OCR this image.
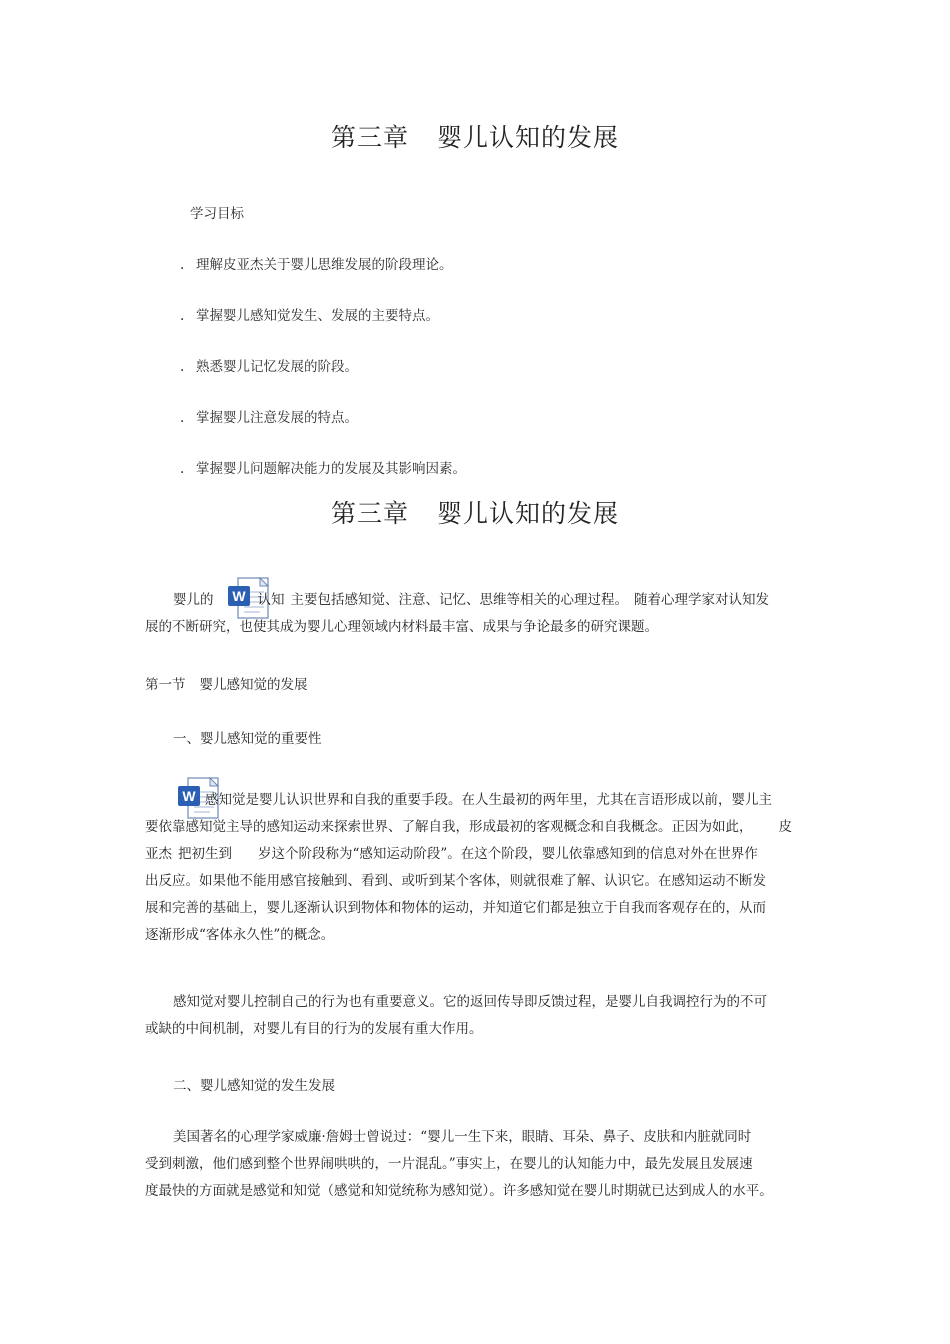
第三章 婴儿认知的发展
学习目标
. 理解皮亚杰关于婴儿思维发展的阶段理论。
. 掌握婴儿感知觉发生、发展的主要特点。
. 熟悉婴儿记忆发展的阶段。
. 掌握婴儿注意发展的特点。
. 掌握婴儿问题解决能力的发展及其影响因素。
第三章 婴儿认知的发展
W
W
婴儿的	认知 主要包括感知觉、注意、记忆、思维等相关的心理过程。 随着心理学家对认知发
展的不断研究，也使其成为婴儿心理领域内材料最丰富、成果与争论最多的研究课题。
第一节 婴儿感知觉的发展
一、婴儿感知觉的重要性
感知觉是婴儿认识世界和自我的重要手段。在人生最初的两年里，尤其在言语形成以前，婴儿主
要依靠感知觉主导的感知运动来探索世界、了解自我，形成最初的客观概念和自我概念。正因为如此， 皮
亚杰 把初生到 岁这个阶段称为“感知运动阶段”。在这个阶段，婴儿依靠感知到的信息对外在世界作
出反应。如果他不能用感官接触到、看到、或听到某个客体，则就很难了解、认识它。在感知运动不断发
展和完善的基础上，婴儿逐渐认识到物体和物体的运动，并知道它们都是独立于自我而客观存在的，从而
逐渐形成“客体永久性”的概念。
感知觉对婴儿控制自己的行为也有重要意义。它的返回传导即反馈过程，是婴儿自我调控行为的不可
或缺的中间机制，对婴儿有目的行为的发展有重大作用。
二、婴儿感知觉的发生发展
美国著名的心理学家威廉·詹姆士曾说过：“婴儿一生下来，眼睛、耳朵、鼻子、皮肤和内脏就同时
受到刺激，他们感到整个世界闹哄哄的，一片混乱。”事实上，在婴儿的认知能力中，最先发展且发展速
度最快的方面就是感觉和知觉（感觉和知觉统称为感知觉）。许多感知觉在婴儿时期就已达到成人的水平。
